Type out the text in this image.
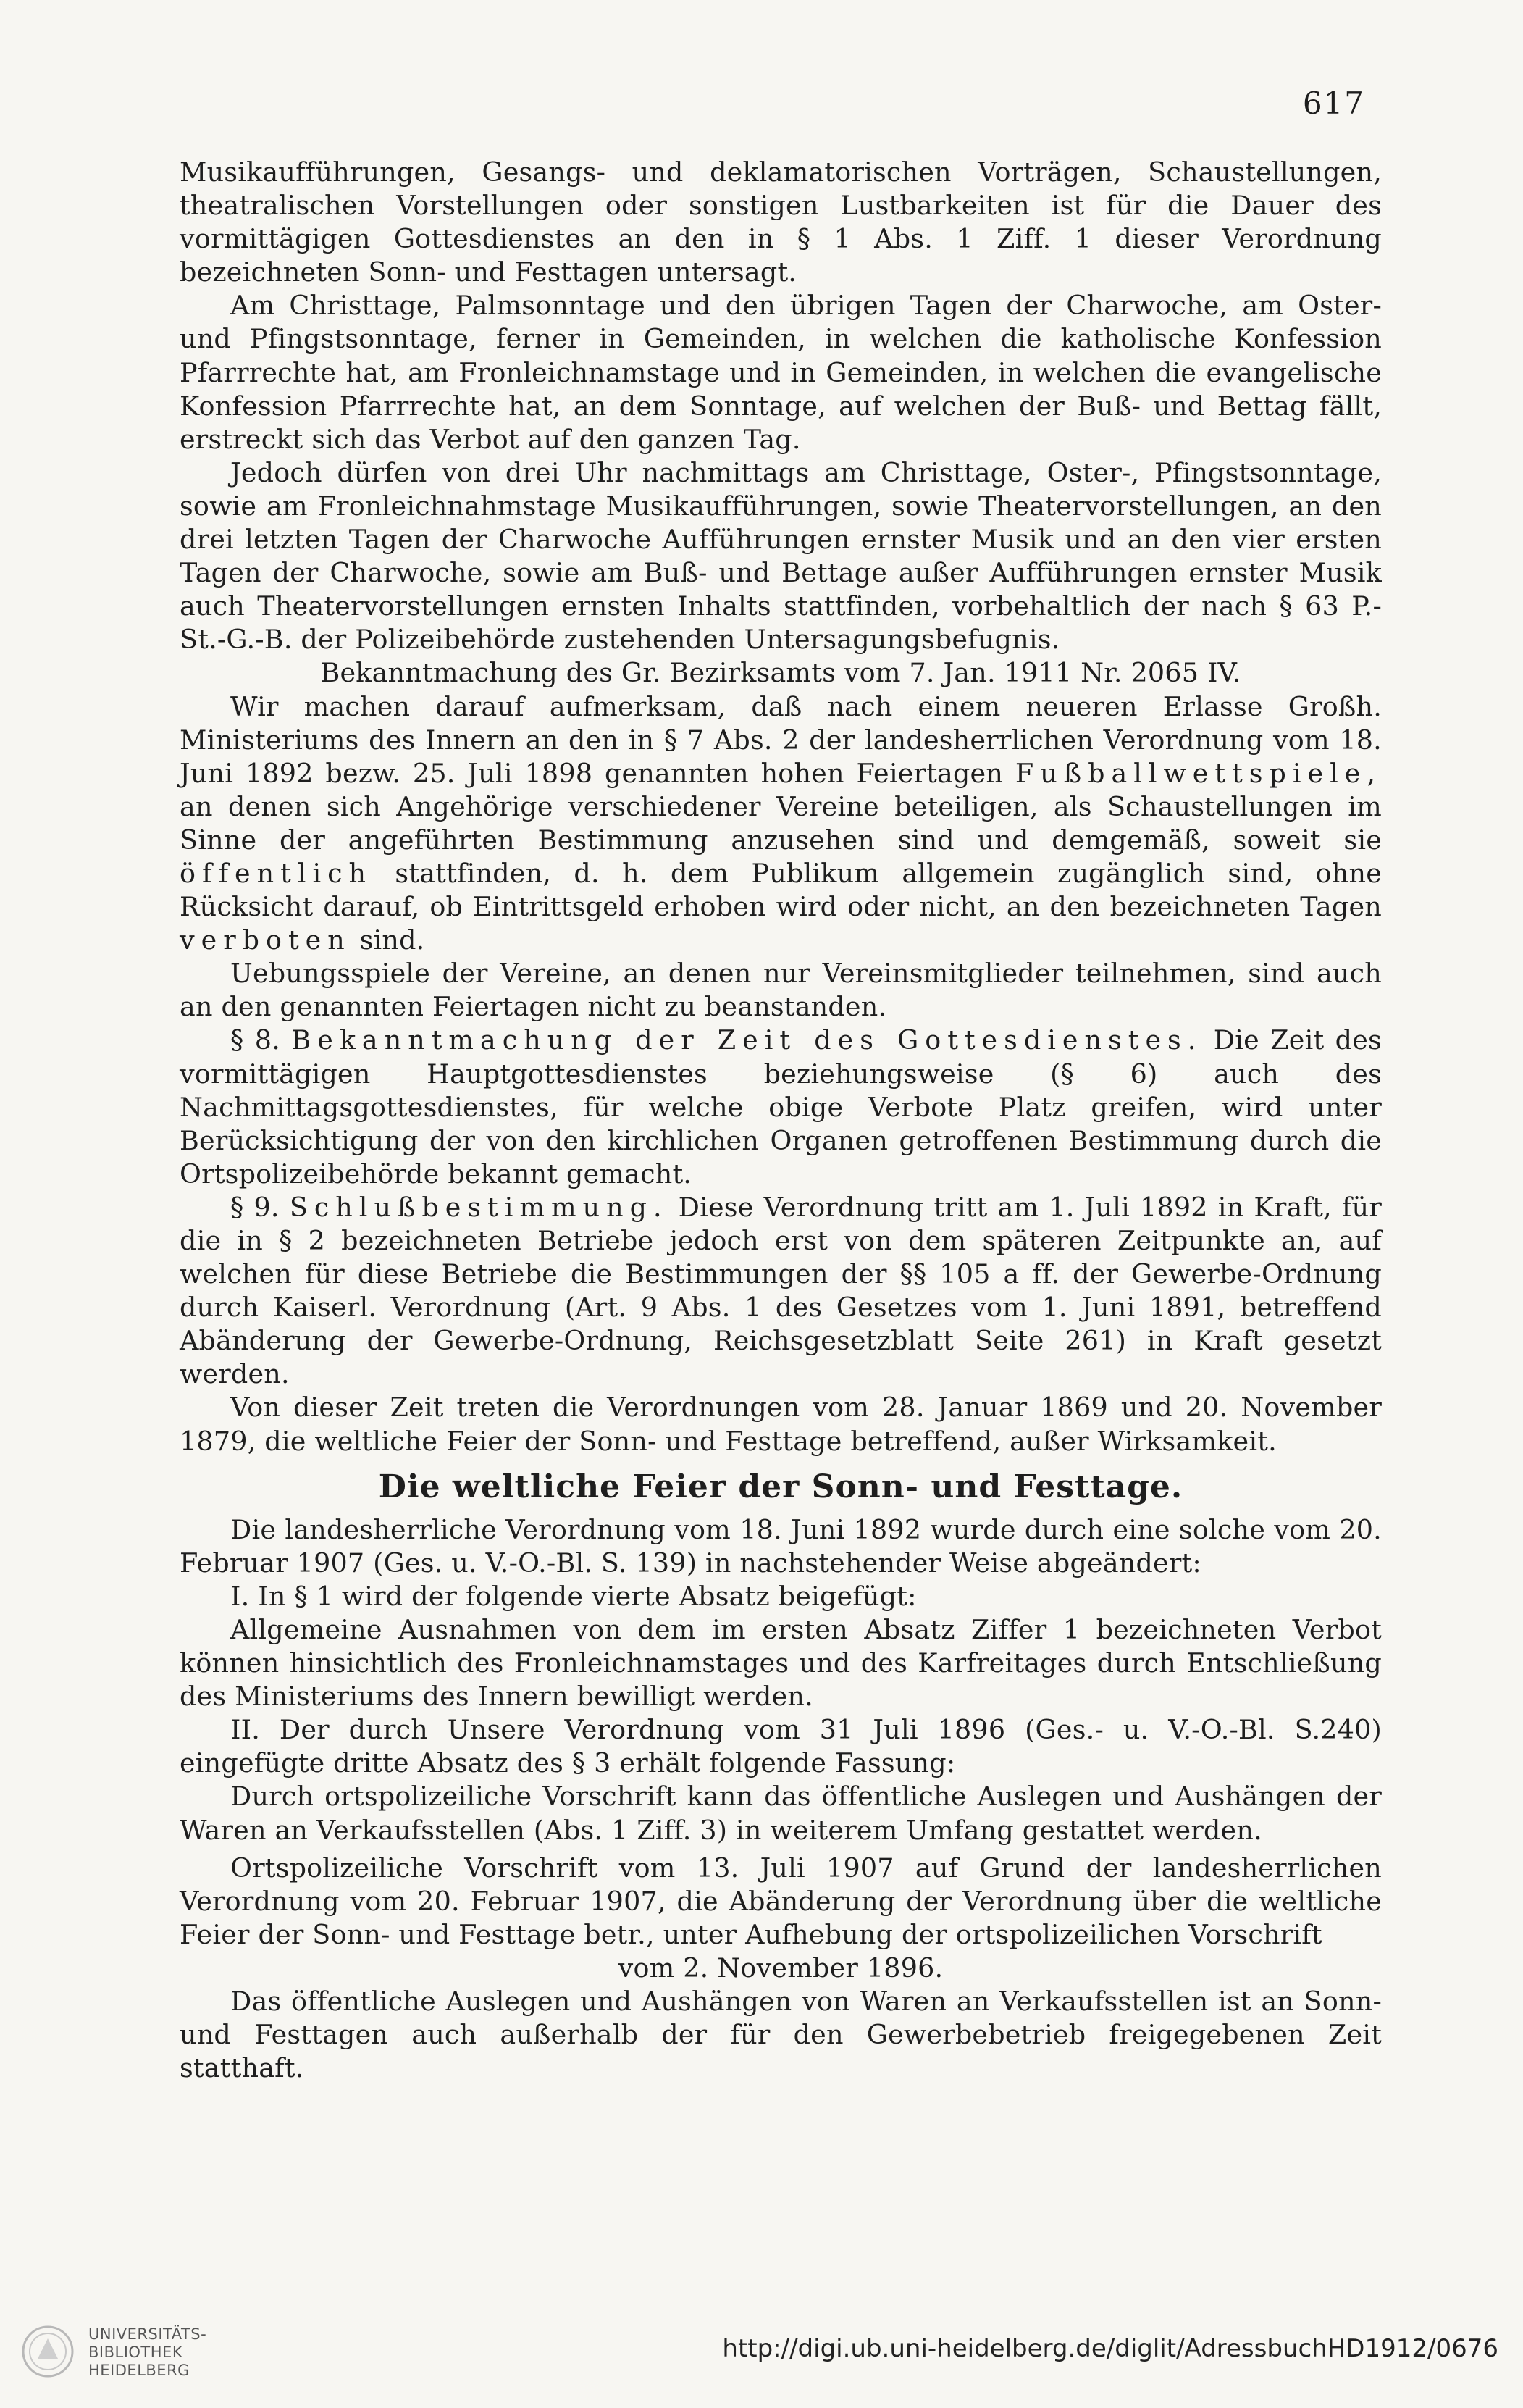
617

Musikaufführungen, Gesangs- und deklamatorischen Vorträgen, Schaustellungen, theatralischen Vorstellungen oder sonstigen Lustbarkeiten ist für die Dauer des vormittägigen Gottesdienstes an den in § 1 Abs. 1 Ziff. 1 dieser Verordnung bezeichneten Sonn- und Festtagen untersagt.

Am Christtage, Palmsonntage und den übrigen Tagen der Charwoche, am Oster- und Pfingstsonntage, ferner in Gemeinden, in welchen die katholische Konfession Pfarrrechte hat, am Fronleichnamstage und in Gemeinden, in welchen die evangelische Konfession Pfarrrechte hat, an dem Sonntage, auf welchen der Buß- und Bettag fällt, erstreckt sich das Verbot auf den ganzen Tag.

Jedoch dürfen von drei Uhr nachmittags am Christtage, Oster-, Pfingstsonntage, sowie am Fronleichnahmstage Musikaufführungen, sowie Theatervorstellungen, an den drei letzten Tagen der Charwoche Aufführungen ernster Musik und an den vier ersten Tagen der Charwoche, sowie am Buß- und Bettage außer Aufführungen ernster Musik auch Theatervorstellungen ernsten Inhalts stattfinden, vorbehaltlich der nach § 63 P.-St.-G.-B. der Polizeibehörde zustehenden Untersagungsbefugnis.

Bekanntmachung des Gr. Bezirksamts vom 7. Jan. 1911 Nr. 2065 IV.

Wir machen darauf aufmerksam, daß nach einem neueren Erlasse Großh. Ministeriums des Innern an den in § 7 Abs. 2 der landesherrlichen Verordnung vom 18. Juni 1892 bezw. 25. Juli 1898 genannten hohen Feiertagen Fußballwettspiele, an denen sich Angehörige verschiedener Vereine beteiligen, als Schaustellungen im Sinne der angeführten Bestimmung anzusehen sind und demgemäß, soweit sie öffentlich stattfinden, d. h. dem Publikum allgemein zugänglich sind, ohne Rücksicht darauf, ob Eintrittsgeld erhoben wird oder nicht, an den bezeichneten Tagen verboten sind.

Uebungsspiele der Vereine, an denen nur Vereinsmitglieder teilnehmen, sind auch an den genannten Feiertagen nicht zu beanstanden.

§ 8. Bekanntmachung der Zeit des Gottesdienstes. Die Zeit des vormittägigen Hauptgottesdienstes beziehungsweise (§ 6) auch des Nachmittagsgottesdienstes, für welche obige Verbote Platz greifen, wird unter Berücksichtigung der von den kirchlichen Organen getroffenen Bestimmung durch die Ortspolizeibehörde bekannt gemacht.

§ 9. Schlußbestimmung. Diese Verordnung tritt am 1. Juli 1892 in Kraft, für die in § 2 bezeichneten Betriebe jedoch erst von dem späteren Zeitpunkte an, auf welchen für diese Betriebe die Bestimmungen der §§ 105 a ff. der Gewerbe-Ordnung durch Kaiserl. Verordnung (Art. 9 Abs. 1 des Gesetzes vom 1. Juni 1891, betreffend Abänderung der Gewerbe-Ordnung, Reichsgesetzblatt Seite 261) in Kraft gesetzt werden.

Von dieser Zeit treten die Verordnungen vom 28. Januar 1869 und 20. November 1879, die weltliche Feier der Sonn- und Festtage betreffend, außer Wirksamkeit.

Die weltliche Feier der Sonn- und Festtage.

Die landesherrliche Verordnung vom 18. Juni 1892 wurde durch eine solche vom 20. Februar 1907 (Ges. u. V.-O.-Bl. S. 139) in nachstehender Weise abgeändert:

I. In § 1 wird der folgende vierte Absatz beigefügt:

Allgemeine Ausnahmen von dem im ersten Absatz Ziffer 1 bezeichneten Verbot können hinsichtlich des Fronleichnamstages und des Karfreitages durch Entschließung des Ministeriums des Innern bewilligt werden.

II. Der durch Unsere Verordnung vom 31 Juli 1896 (Ges.- u. V.-O.-Bl. S.240) eingefügte dritte Absatz des § 3 erhält folgende Fassung:

Durch ortspolizeiliche Vorschrift kann das öffentliche Auslegen und Aushängen der Waren an Verkaufsstellen (Abs. 1 Ziff. 3) in weiterem Umfang gestattet werden.

Ortspolizeiliche Vorschrift vom 13. Juli 1907 auf Grund der landesherrlichen Verordnung vom 20. Februar 1907, die Abänderung der Verordnung über die weltliche Feier der Sonn- und Festtage betr., unter Aufhebung der ortspolizeilichen Vorschrift

vom 2. November 1896.

Das öffentliche Auslegen und Aushängen von Waren an Verkaufsstellen ist an Sonn- und Festtagen auch außerhalb der für den Gewerbebetrieb freigegebenen Zeit statthaft.

UNIVERSITÄTS-
BIBLIOTHEK
HEIDELBERG
http://digi.ub.uni-heidelberg.de/diglit/AdressbuchHD1912/0676
